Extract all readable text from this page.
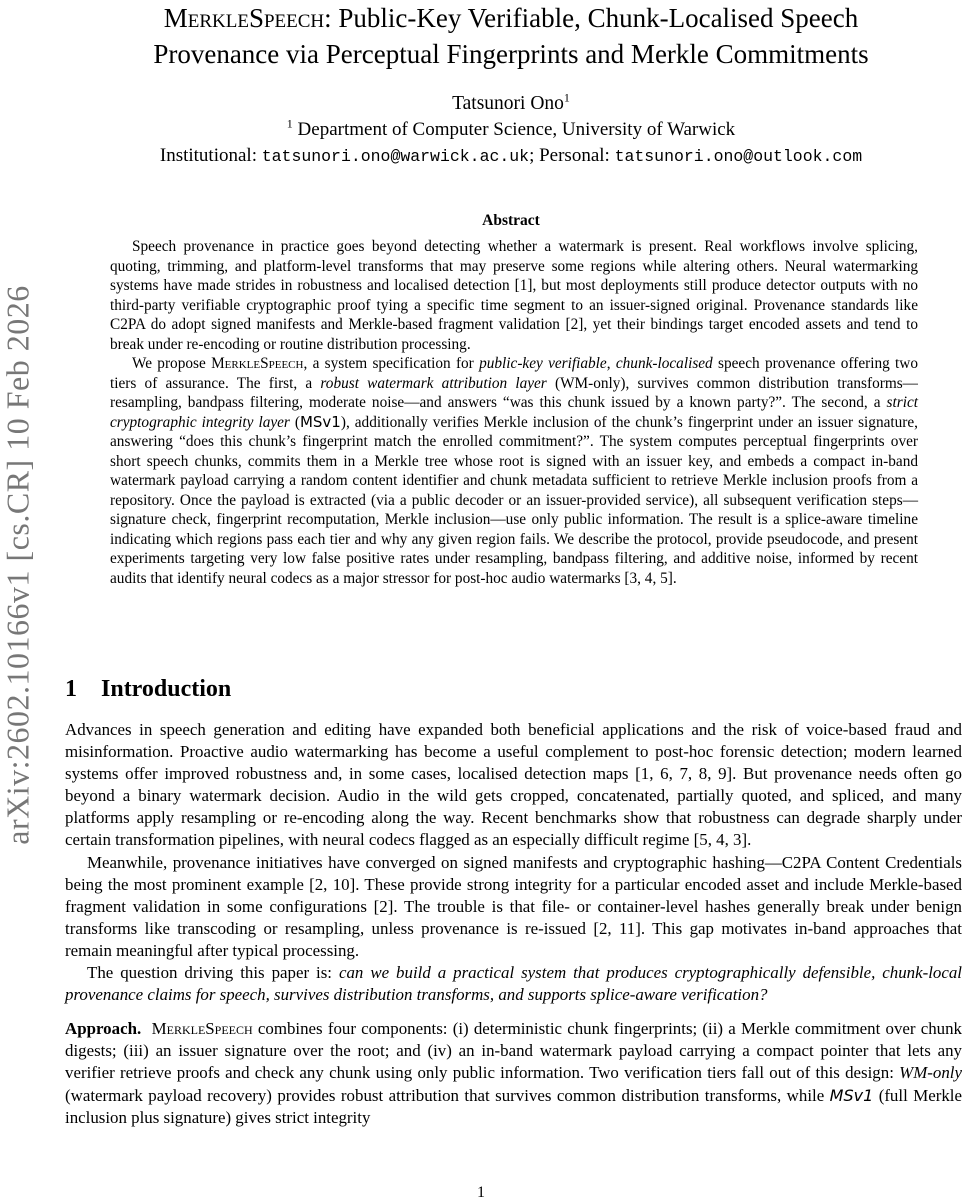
arXiv:2602.10166v1 [cs.CR] 10 Feb 2026
MerkleSpeech: Public-Key Verifiable, Chunk-Localised Speech
Provenance via Perceptual Fingerprints and Merkle Commitments
Tatsunori Ono$^1$
$^1$ Department of Computer Science, University of Warwick
Institutional: tatsunori.ono@warwick.ac.uk; Personal: tatsunori.ono@outlook.com
Abstract

Speech provenance in practice goes beyond detecting whether a watermark is present. Real workflows involve splicing, quoting, trimming, and platform-level transforms that may preserve some regions while altering others. Neural watermarking systems have made strides in robustness and localised detection [1], but most deployments still produce detector outputs with no third-party verifiable cryptographic proof tying a specific time segment to an issuer-signed original. Provenance standards like C2PA do adopt signed manifests and Merkle-based fragment validation [2], yet their bindings target encoded assets and tend to break under re-encoding or routine distribution processing.

We propose MerkleSpeech, a system specification for public-key verifiable, chunk-localised speech provenance offering two tiers of assurance. The first, a robust watermark attribution layer (WM-only), survives common distribution transforms—resampling, bandpass filtering, moderate noise—and answers “was this chunk issued by a known party?”. The second, a strict cryptographic integrity layer (MSv1), additionally verifies Merkle inclusion of the chunk’s fingerprint under an issuer signature, answering “does this chunk’s fingerprint match the enrolled commitment?”. The system computes perceptual fingerprints over short speech chunks, commits them in a Merkle tree whose root is signed with an issuer key, and embeds a compact in-band watermark payload carrying a random content identifier and chunk metadata sufficient to retrieve Merkle inclusion proofs from a repository. Once the payload is extracted (via a public decoder or an issuer-provided service), all subsequent verification steps—signature check, fingerprint recomputation, Merkle inclusion—use only public information. The result is a splice-aware timeline indicating which regions pass each tier and why any given region fails. We describe the protocol, provide pseudocode, and present experiments targeting very low false positive rates under resampling, bandpass filtering, and additive noise, informed by recent audits that identify neural codecs as a major stressor for post-hoc audio watermarks [3, 4, 5].

1 Introduction

Advances in speech generation and editing have expanded both beneficial applications and the risk of voice-based fraud and misinformation. Proactive audio watermarking has become a useful complement to post-hoc forensic detection; modern learned systems offer improved robustness and, in some cases, localised detection maps [1, 6, 7, 8, 9]. But provenance needs often go beyond a binary watermark decision. Audio in the wild gets cropped, concatenated, partially quoted, and spliced, and many platforms apply resampling or re-encoding along the way. Recent benchmarks show that robustness can degrade sharply under certain transformation pipelines, with neural codecs flagged as an especially difficult regime [5, 4, 3].

Meanwhile, provenance initiatives have converged on signed manifests and cryptographic hashing—C2PA Content Credentials being the most prominent example [2, 10]. These provide strong integrity for a particular encoded asset and include Merkle-based fragment validation in some configurations [2]. The trouble is that file- or container-level hashes generally break under benign transforms like transcoding or resampling, unless provenance is re-issued [2, 11]. This gap motivates in-band approaches that remain meaningful after typical processing.

The question driving this paper is: can we build a practical system that produces cryptographically defensible, chunk-local provenance claims for speech, survives distribution transforms, and supports splice-aware verification?

Approach. MerkleSpeech combines four components: (i) deterministic chunk fingerprints; (ii) a Merkle commitment over chunk digests; (iii) an issuer signature over the root; and (iv) an in-band watermark payload carrying a compact pointer that lets any verifier retrieve proofs and check any chunk using only public information. Two verification tiers fall out of this design: WM-only (watermark payload recovery) provides robust attribution that survives common distribution transforms, while MSv1 (full Merkle inclusion plus signature) gives strict integrity

1
